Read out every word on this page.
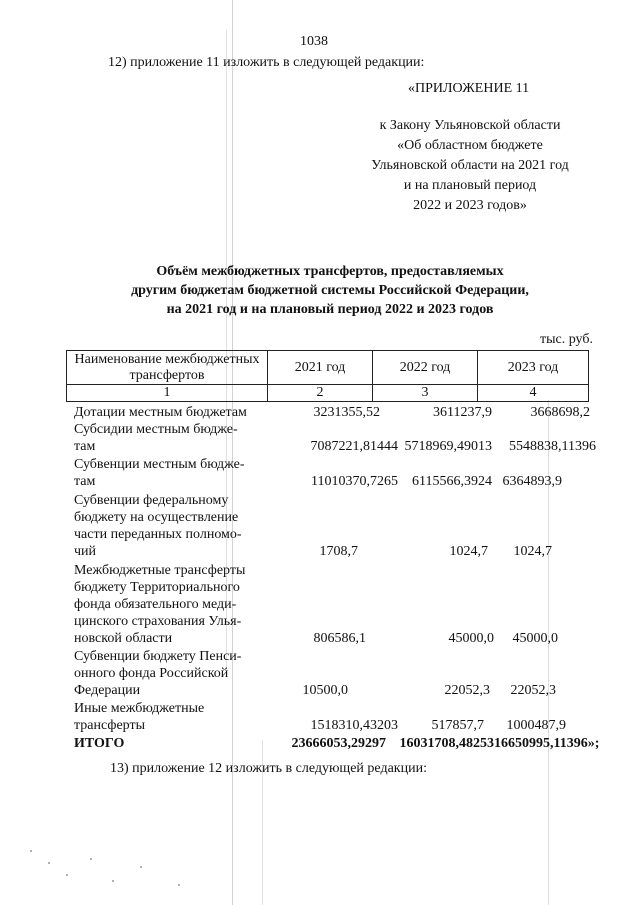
1038
12) приложение 11 изложить в следующей редакции:
«ПРИЛОЖЕНИЕ 11
к Закону Ульяновской области
«Об областном бюджете
Ульяновской области на 2021 год
и на плановый период
2022 и 2023 годов»
Объём межбюджетных трансфертов, предоставляемых
другим бюджетам бюджетной системы Российской Федерации,
на 2021 год и на плановый период 2022 и 2023 годов
тыс. руб.
Наименование межбюджетных трансфертов	2021 год	2022 год	2023 год
1	2	3	4
Дотации местным бюджетам	3231355,52	3611237,9	3668698,2
Субсидии местным бюдже-
там	7087221,81444 5718969,49013	5548838,11396
Субвенции местным бюдже-
там	11010370,7265	6115566,3924 6364893,9
Субвенции федеральному
бюджету на осуществление
части переданных полномо-
чий	1708,7	1024,7	1024,7
Межбюджетные трансферты
бюджету Территориального
фонда обязательного меди-
цинского страхования Улья-
новской области	806586,1	45000,0	45000,0
Субвенции бюджету Пенси-
онного фонда Российской
Федерации	10500,0	22052,3	22052,3
Иные межбюджетные
трансферты	1518310,43203	517857,7	1000487,9
ИТОГО	23666053,29297 16031708,48253 16650995,11396»;
13) приложение 12 изложить в следующей редакции:
